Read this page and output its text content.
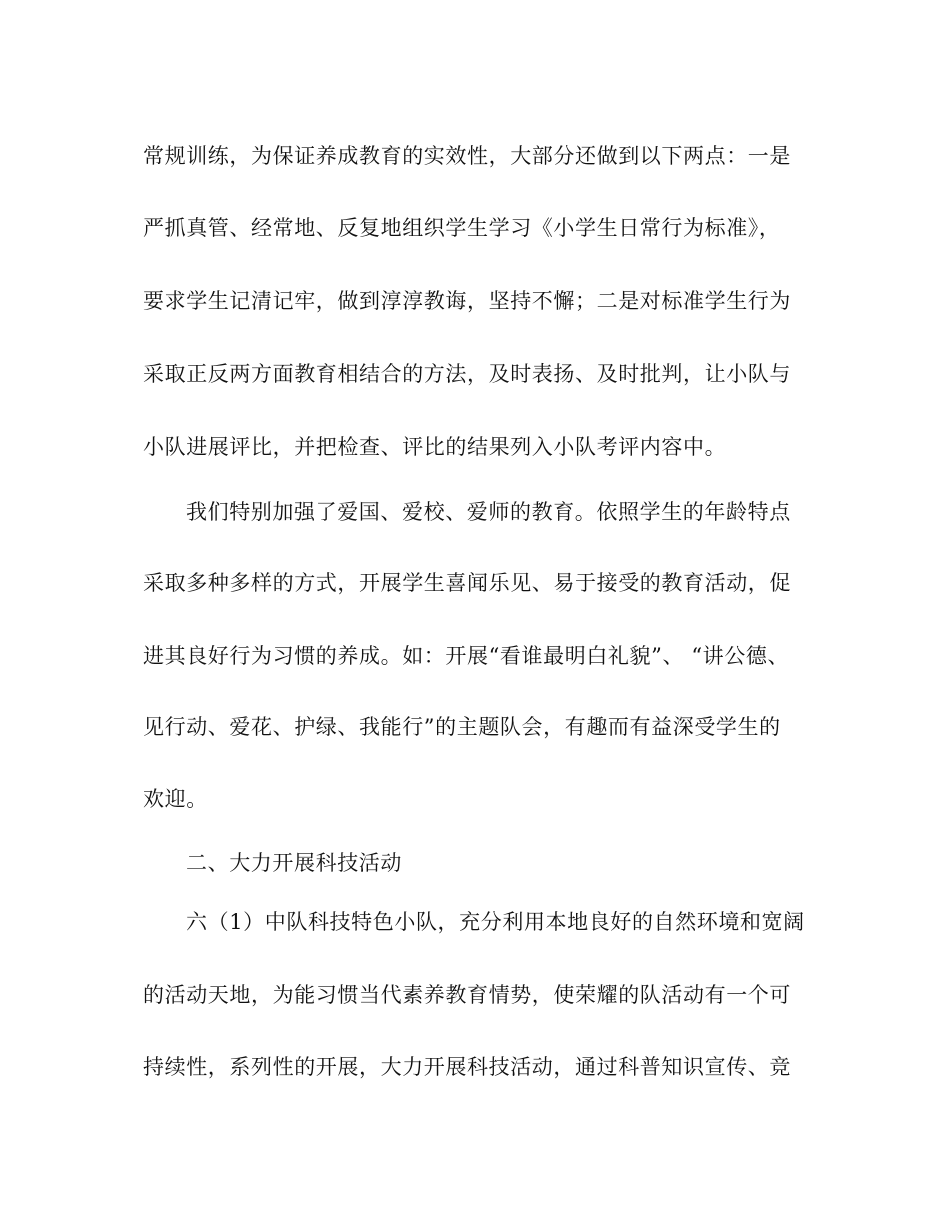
常规训练，为保证养成教育的实效性，大部分还做到以下两点：一是
严抓真管、经常地、反复地组织学生学习《小学生日常行为标准》，
要求学生记清记牢，做到淳淳教诲，坚持不懈；二是对标准学生行为
采取正反两方面教育相结合的方法，及时表扬、及时批判，让小队与
小队进展评比，并把检查、评比的结果列入小队考评内容中。
我们特别加强了爱国、爱校、爱师的教育。依照学生的年龄特点
采取多种多样的方式，开展学生喜闻乐见、易于接受的教育活动，促
进其良好行为习惯的养成。如：开展“看谁最明白礼貌”、 “讲公德、
见行动、爱花、护绿、我能行”的主题队会，有趣而有益深受学生的
欢迎。
二、大力开展科技活动
六（1）中队科技特色小队，充分利用本地良好的自然环境和宽阔
的活动天地，为能习惯当代素养教育情势，使荣耀的队活动有一个可
持续性，系列性的开展，大力开展科技活动，通过科普知识宣传、竞
